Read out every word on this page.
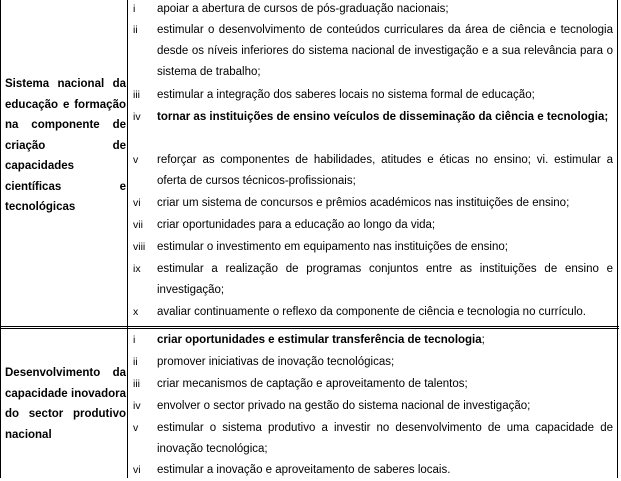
Sistema nacional da educação e formação na componente de criação de capacidades científicas e tecnológicas
i apoiar a abertura de cursos de pós-graduação nacionais;
ii estimular o desenvolvimento de conteúdos curriculares da área de ciência e tecnologia desde os níveis inferiores do sistema nacional de investigação e a sua relevância para o sistema de trabalho;
iii estimular a integração dos saberes locais no sistema formal de educação;
iv tornar as instituições de ensino veículos de disseminação da ciência e tecnologia;
v reforçar as componentes de habilidades, atitudes e éticas no ensino; vi. estimular a oferta de cursos técnicos-profissionais;
vi criar um sistema de concursos e prêmios académicos nas instituições de ensino;
vii criar oportunidades para a educação ao longo da vida;
viii estimular o investimento em equipamento nas instituições de ensino;
ix estimular a realização de programas conjuntos entre as instituições de ensino e investigação;
x avaliar continuamente o reflexo da componente de ciência e tecnologia no currículo.
Desenvolvimento da capacidade inovadora do sector produtivo nacional
i criar oportunidades e estimular transferência de tecnologia;
ii promover iniciativas de inovação tecnológicas;
iii criar mecanismos de captação e aproveitamento de talentos;
iv envolver o sector privado na gestão do sistema nacional de investigação;
v estimular o sistema produtivo a investir no desenvolvimento de uma capacidade de inovação tecnológica;
vi estimular a inovação e aproveitamento de saberes locais.
